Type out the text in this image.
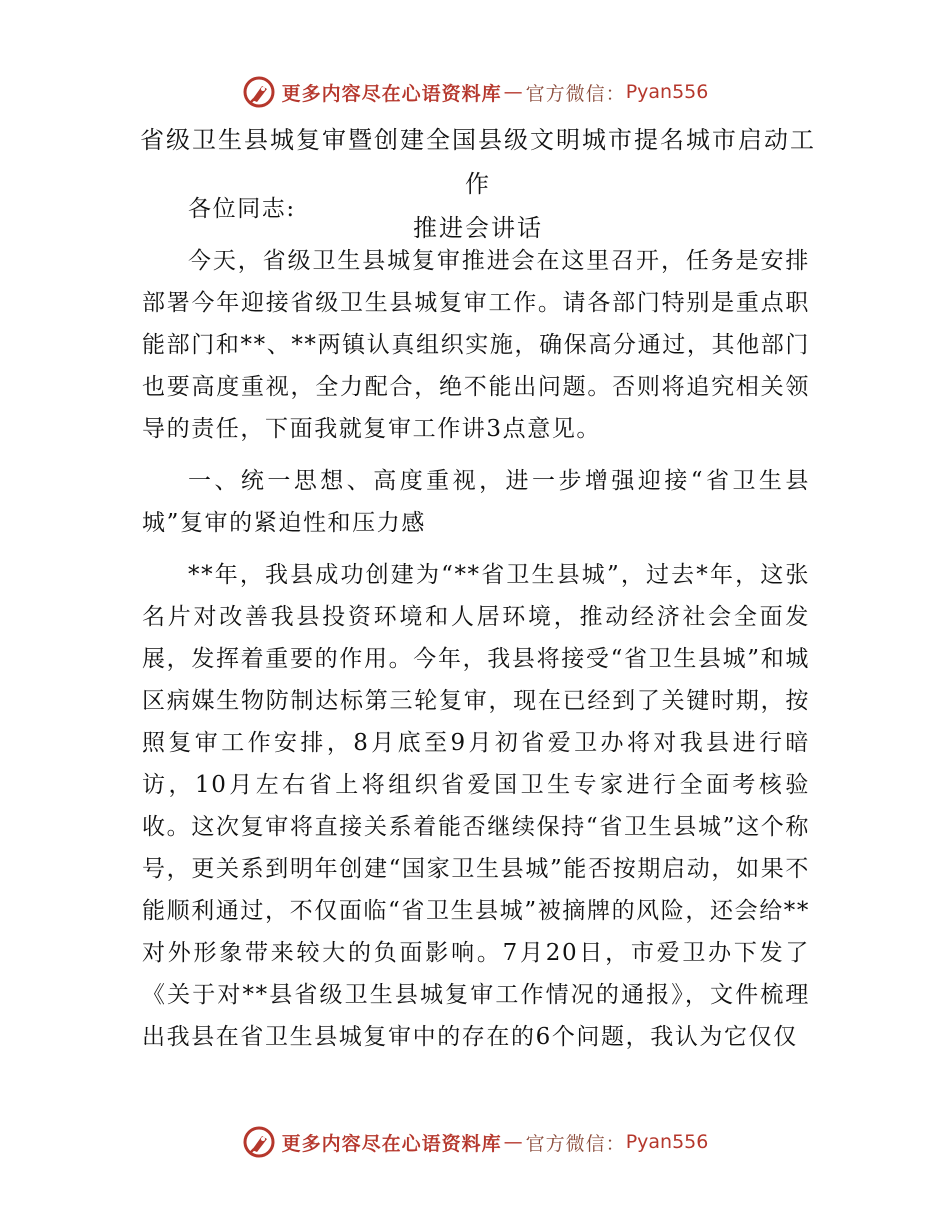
更多内容尽在心语资料库 — 官方微信： Pyan556
省级卫生县城复审暨创建全国县级文明城市提名城市启动工作
推进会讲话

各位同志:

今天，省级卫生县城复审推进会在这里召开，任务是安排部署今年迎接省级卫生县城复审工作。请各部门特别是重点职能部门和**、**两镇认真组织实施，确保高分通过，其他部门也要高度重视，全力配合，绝不能出问题。否则将追究相关领导的责任，下面我就复审工作讲3点意见。

一、统一思想、高度重视，进一步增强迎接“省卫生县城”复审的紧迫性和压力感

**年，我县成功创建为“**省卫生县城”，过去*年，这张名片对改善我县投资环境和人居环境，推动经济社会全面发展，发挥着重要的作用。今年，我县将接受“省卫生县城”和城区病媒生物防制达标第三轮复审，现在已经到了关键时期，按照复审工作安排，8月底至9月初省爱卫办将对我县进行暗访，10月左右省上将组织省爱国卫生专家进行全面考核验收。这次复审将直接关系着能否继续保持“省卫生县城”这个称号，更关系到明年创建“国家卫生县城”能否按期启动，如果不能顺利通过，不仅面临“省卫生县城”被摘牌的风险，还会给**对外形象带来较大的负面影响。7月20日，市爱卫办下发了《关于对**县省级卫生县城复审工作情况的通报》，文件梳理出我县在省卫生县城复审中的存在的6个问题，我认为它仅仅

更多内容尽在心语资料库 — 官方微信： Pyan556
